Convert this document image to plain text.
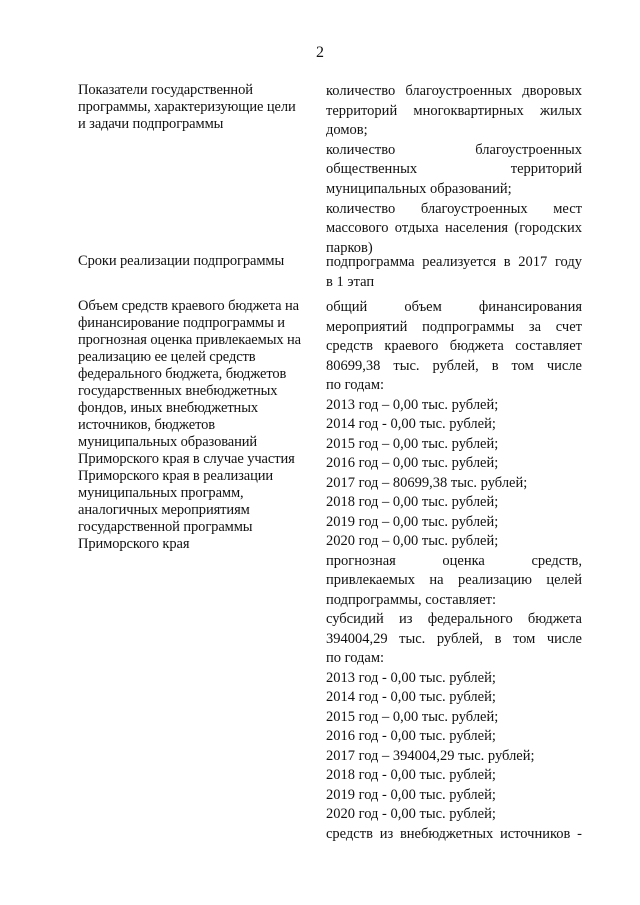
2
Показатели государственной
программы, характеризующие цели
и задачи подпрограммы
количество благоустроенных дворовых
территорий многоквартирных жилых
домов;
количество благоустроенных
общественных территорий
муниципальных образований;
количество благоустроенных мест
массового отдыха населения (городских
парков)
Сроки реализации подпрограммы	подпрограмма реализуется в 2017 году
в 1 этап
Объем средств краевого бюджета на
финансирование подпрограммы и
прогнозная оценка привлекаемых на
реализацию ее целей средств
федерального бюджета, бюджетов
государственных внебюджетных
фондов, иных внебюджетных
источников, бюджетов
муниципальных образований
Приморского края в случае участия
Приморского края в реализации
муниципальных программ,
аналогичных мероприятиям
государственной программы
Приморского края
общий объем финансирования
мероприятий подпрограммы за счет
средств краевого бюджета составляет
80699,38 тыс. рублей, в том числе
по годам:
2013 год – 0,00 тыс. рублей;
2014 год - 0,00 тыс. рублей;
2015 год – 0,00 тыс. рублей;
2016 год – 0,00 тыс. рублей;
2017 год – 80699,38 тыс. рублей;
2018 год – 0,00 тыс. рублей;
2019 год – 0,00 тыс. рублей;
2020 год – 0,00 тыс. рублей;
прогнозная оценка средств,
привлекаемых на реализацию целей
подпрограммы, составляет:
субсидий из федерального бюджета
394004,29 тыс. рублей, в том числе
по годам:
2013 год - 0,00 тыс. рублей;
2014 год - 0,00 тыс. рублей;
2015 год – 0,00 тыс. рублей;
2016 год - 0,00 тыс. рублей;
2017 год – 394004,29 тыс. рублей;
2018 год - 0,00 тыс. рублей;
2019 год - 0,00 тыс. рублей;
2020 год - 0,00 тыс. рублей;
средств из внебюджетных источников -
